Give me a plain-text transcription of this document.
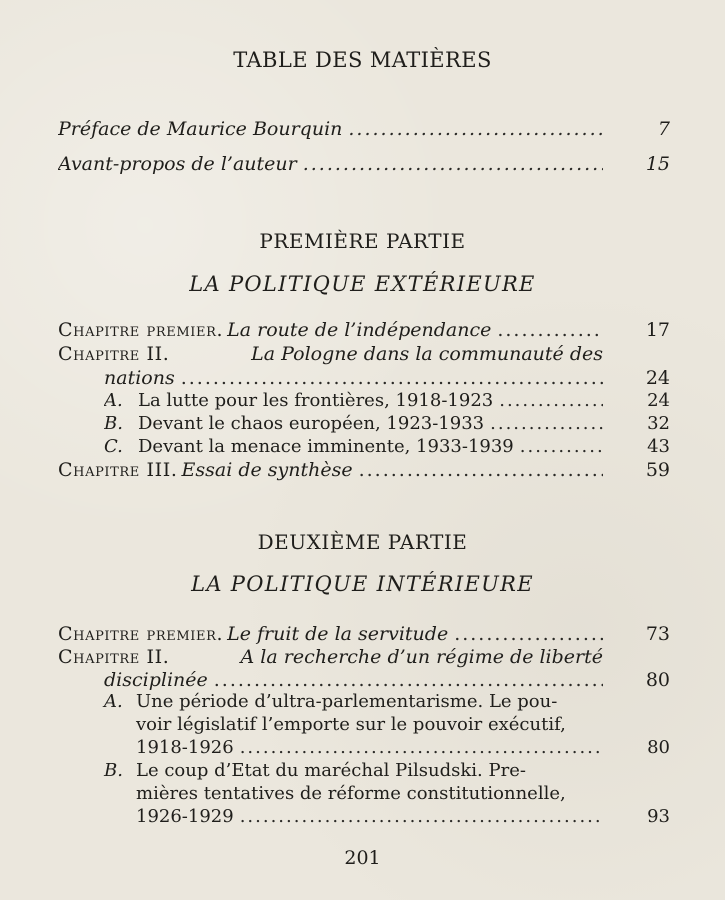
TABLE DES MATIÈRES
Préface de Maurice Bourquin .....	7
Avant-propos de l’auteur .....	15
PREMIÈRE PARTIE
LA POLITIQUE EXTÉRIEURE
Chapitre premier. La route de l’indépendance .....	17
Chapitre II.	La Pologne dans la communauté des
nations .....	24
A. La lutte pour les frontières, 1918-1923 .....	24
B. Devant le chaos européen, 1923-1933 .....	32
C. Devant la menace imminente, 1933-1939 .....	43
Chapitre III. Essai de synthèse .....	59
DEUXIÈME PARTIE
LA POLITIQUE INTÉRIEURE
Chapitre premier. Le fruit de la servitude .....	73
Chapitre II.	A la recherche d’un régime de liberté
disciplinée .....	80
A. Une période d’ultra-parlementarisme. Le pou-
voir législatif l’emporte sur le pouvoir exécutif,
1918-1926 .....	80
B. Le coup d’Etat du maréchal Pilsudski. Pre-
mières tentatives de réforme constitutionnelle,
1926-1929 .....	93
201
